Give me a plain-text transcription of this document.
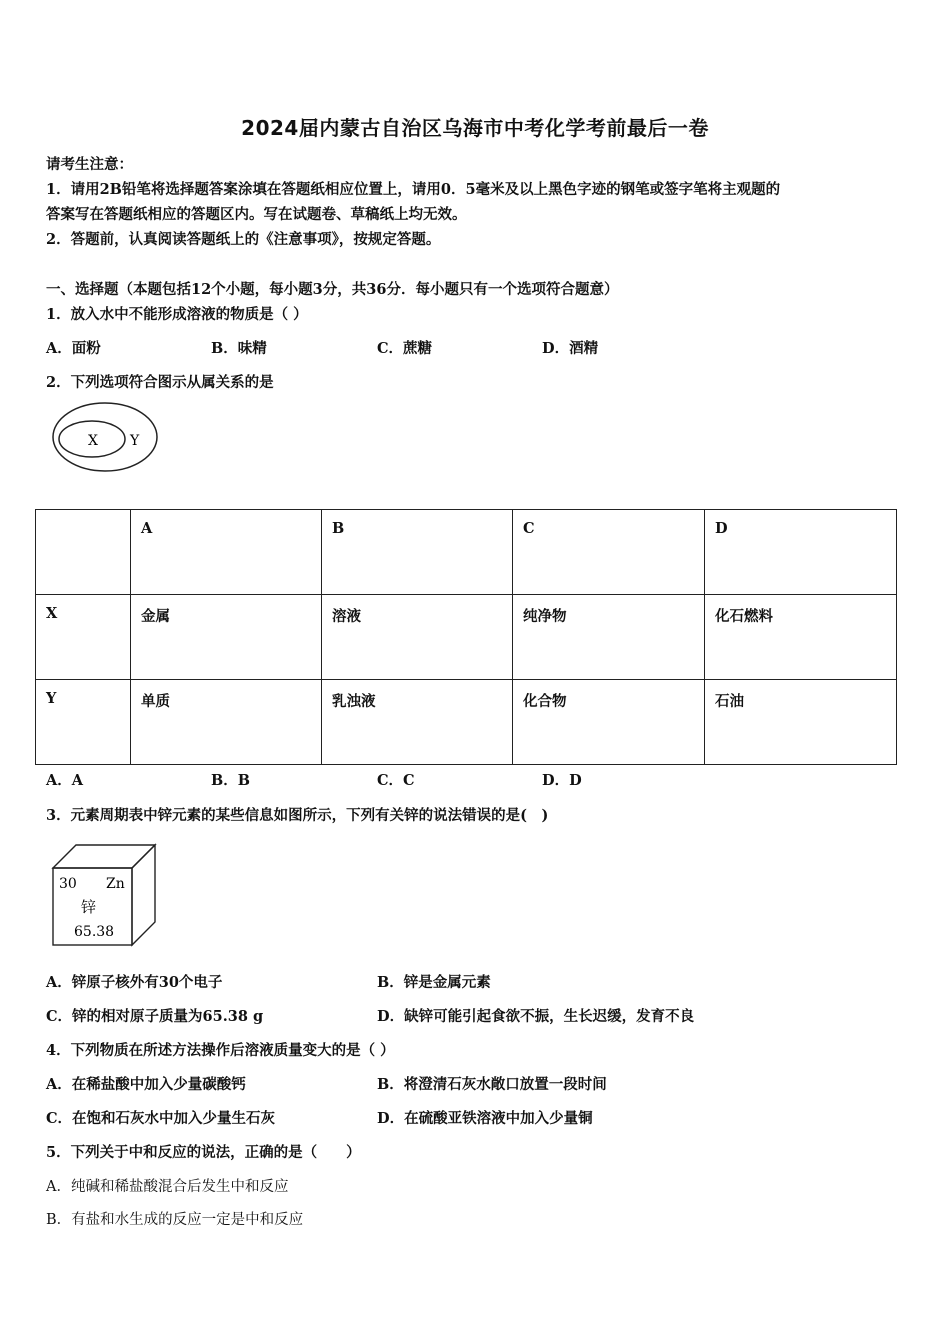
2024届内蒙古自治区乌海市中考化学考前最后一卷
请考生注意：
1．请用2B铅笔将选择题答案涂填在答题纸相应位置上，请用0．5毫米及以上黑色字迹的钢笔或签字笔将主观题的
答案写在答题纸相应的答题区内。写在试题卷、草稿纸上均无效。
2．答题前，认真阅读答题纸上的《注意事项》，按规定答题。
一、选择题（本题包括12个小题，每小题3分，共36分．每小题只有一个选项符合题意）
1．放入水中不能形成溶液的物质是（ ）
A．面粉	B．味精	C．蔗糖	D．酒精
2．下列选项符合图示从属关系的是
X Y
	A	B	C	D
X	金属	溶液	纯净物	化石燃料
Y	单质	乳浊液	化合物	石油
A．A	B．B	C．C	D．D
3．元素周期表中锌元素的某些信息如图所示，下列有关锌的说法错误的是(　)
30 Zn
锌
65.38
A．锌原子核外有30个电子	B．锌是金属元素
C．锌的相对原子质量为65.38 g	D．缺锌可能引起食欲不振，生长迟缓，发育不良
4．下列物质在所述方法操作后溶液质量变大的是（ ）
A．在稀盐酸中加入少量碳酸钙	B．将澄清石灰水敞口放置一段时间
C．在饱和石灰水中加入少量生石灰	D．在硫酸亚铁溶液中加入少量铜
5．下列关于中和反应的说法，正确的是（　　）
A．纯碱和稀盐酸混合后发生中和反应
B．有盐和水生成的反应一定是中和反应
